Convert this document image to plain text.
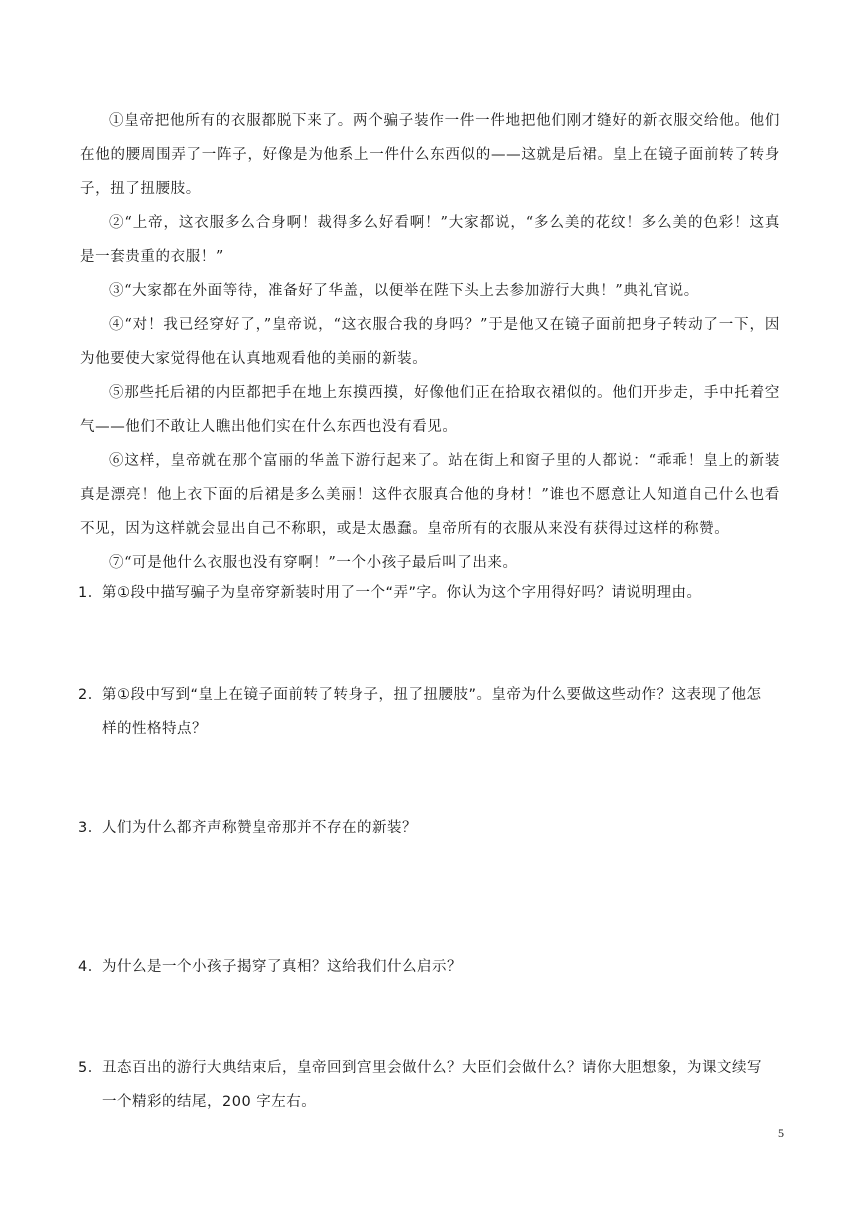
①皇帝把他所有的衣服都脱下来了。两个骗子装作一件一件地把他们刚才缝好的新衣服交给他。他们在他的腰周围弄了一阵子，好像是为他系上一件什么东西似的——这就是后裙。皇上在镜子面前转了转身子，扭了扭腰肢。

②“上帝，这衣服多么合身啊！裁得多么好看啊！”大家都说，“多么美的花纹！多么美的色彩！这真是一套贵重的衣服！”

③“大家都在外面等待，准备好了华盖，以便举在陛下头上去参加游行大典！”典礼官说。

④“对！我已经穿好了，”皇帝说，“这衣服合我的身吗？”于是他又在镜子面前把身子转动了一下，因为他要使大家觉得他在认真地观看他的美丽的新装。

⑤那些托后裙的内臣都把手在地上东摸西摸，好像他们正在拾取衣裙似的。他们开步走，手中托着空气——他们不敢让人瞧出他们实在什么东西也没有看见。

⑥这样，皇帝就在那个富丽的华盖下游行起来了。站在街上和窗子里的人都说：“乖乖！皇上的新装真是漂亮！他上衣下面的后裙是多么美丽！这件衣服真合他的身材！”谁也不愿意让人知道自己什么也看不见，因为这样就会显出自己不称职，或是太愚蠢。皇帝所有的衣服从来没有获得过这样的称赞。

⑦“可是他什么衣服也没有穿啊！”一个小孩子最后叫了出来。

1．第①段中描写骗子为皇帝穿新装时用了一个“弄”字。你认为这个字用得好吗？请说明理由。
2．第①段中写到“皇上在镜子面前转了转身子，扭了扭腰肢”。皇帝为什么要做这些动作？这表现了他怎
样的性格特点？
3．人们为什么都齐声称赞皇帝那并不存在的新装？
4．为什么是一个小孩子揭穿了真相？这给我们什么启示？
5．丑态百出的游行大典结束后，皇帝回到宫里会做什么？大臣们会做什么？请你大胆想象，为课文续写
一个精彩的结尾，200 字左右。
5
